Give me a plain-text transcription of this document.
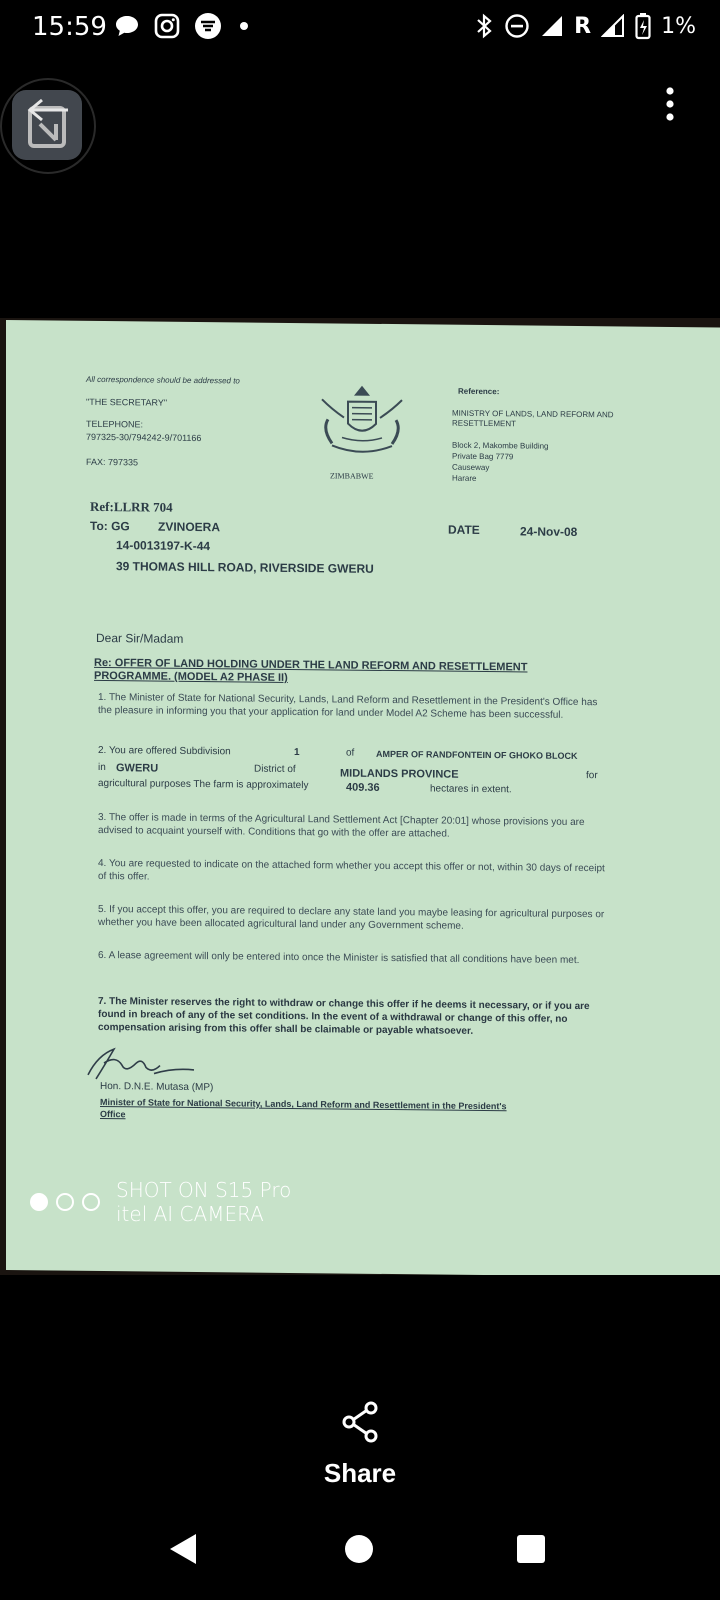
15:59	R	1%
All correspondence should be addressed to
"THE SECRETARY"
TELEPHONE:
797325-30/794242-9/701166
FAX: 797335
ZIMBABWE
Reference:
MINISTRY OF LANDS, LAND REFORM AND
RESETTLEMENT
Block 2, Makombe Building
Private Bag 7779
Causeway
Harare
Ref:LLRR 704
To: GG ZVINOERA
14-0013197-K-44
39 THOMAS HILL ROAD, RIVERSIDE GWERU
DATE	24-Nov-08
Dear Sir/Madam
Re: OFFER OF LAND HOLDING UNDER THE LAND REFORM AND RESETTLEMENT
PROGRAMME. (MODEL A2 PHASE II)
1. The Minister of State for National Security, Lands, Land Reform and Resettlement in the President's Office has the pleasure in informing you that your application for land under Model A2 Scheme has been successful.
2. You are offered Subdivision	1	of AMPER OF RANDFONTEIN OF GHOKO BLOCK
in GWERU	District of	MIDLANDS PROVINCE	for
agricultural purposes The farm is approximately	409.36	hectares in extent.
3. The offer is made in terms of the Agricultural Land Settlement Act [Chapter 20:01] whose provisions you are advised to acquaint yourself with. Conditions that go with the offer are attached.
4. You are requested to indicate on the attached form whether you accept this offer or not, within 30 days of receipt of this offer.
5. If you accept this offer, you are required to declare any state land you maybe leasing for agricultural purposes or whether you have been allocated agricultural land under any Government scheme.
6. A lease agreement will only be entered into once the Minister is satisfied that all conditions have been met.
7. The Minister reserves the right to withdraw or change this offer if he deems it necessary, or if you are found in breach of any of the set conditions. In the event of a withdrawal or change of this offer, no compensation arising from this offer shall be claimable or payable whatsoever.
Hon. D.N.E. Mutasa (MP)
Minister of State for National Security, Lands, Land Reform and Resettlement in the President's
Office
SHOT ON S15 Pro
itel AI CAMERA
Share
